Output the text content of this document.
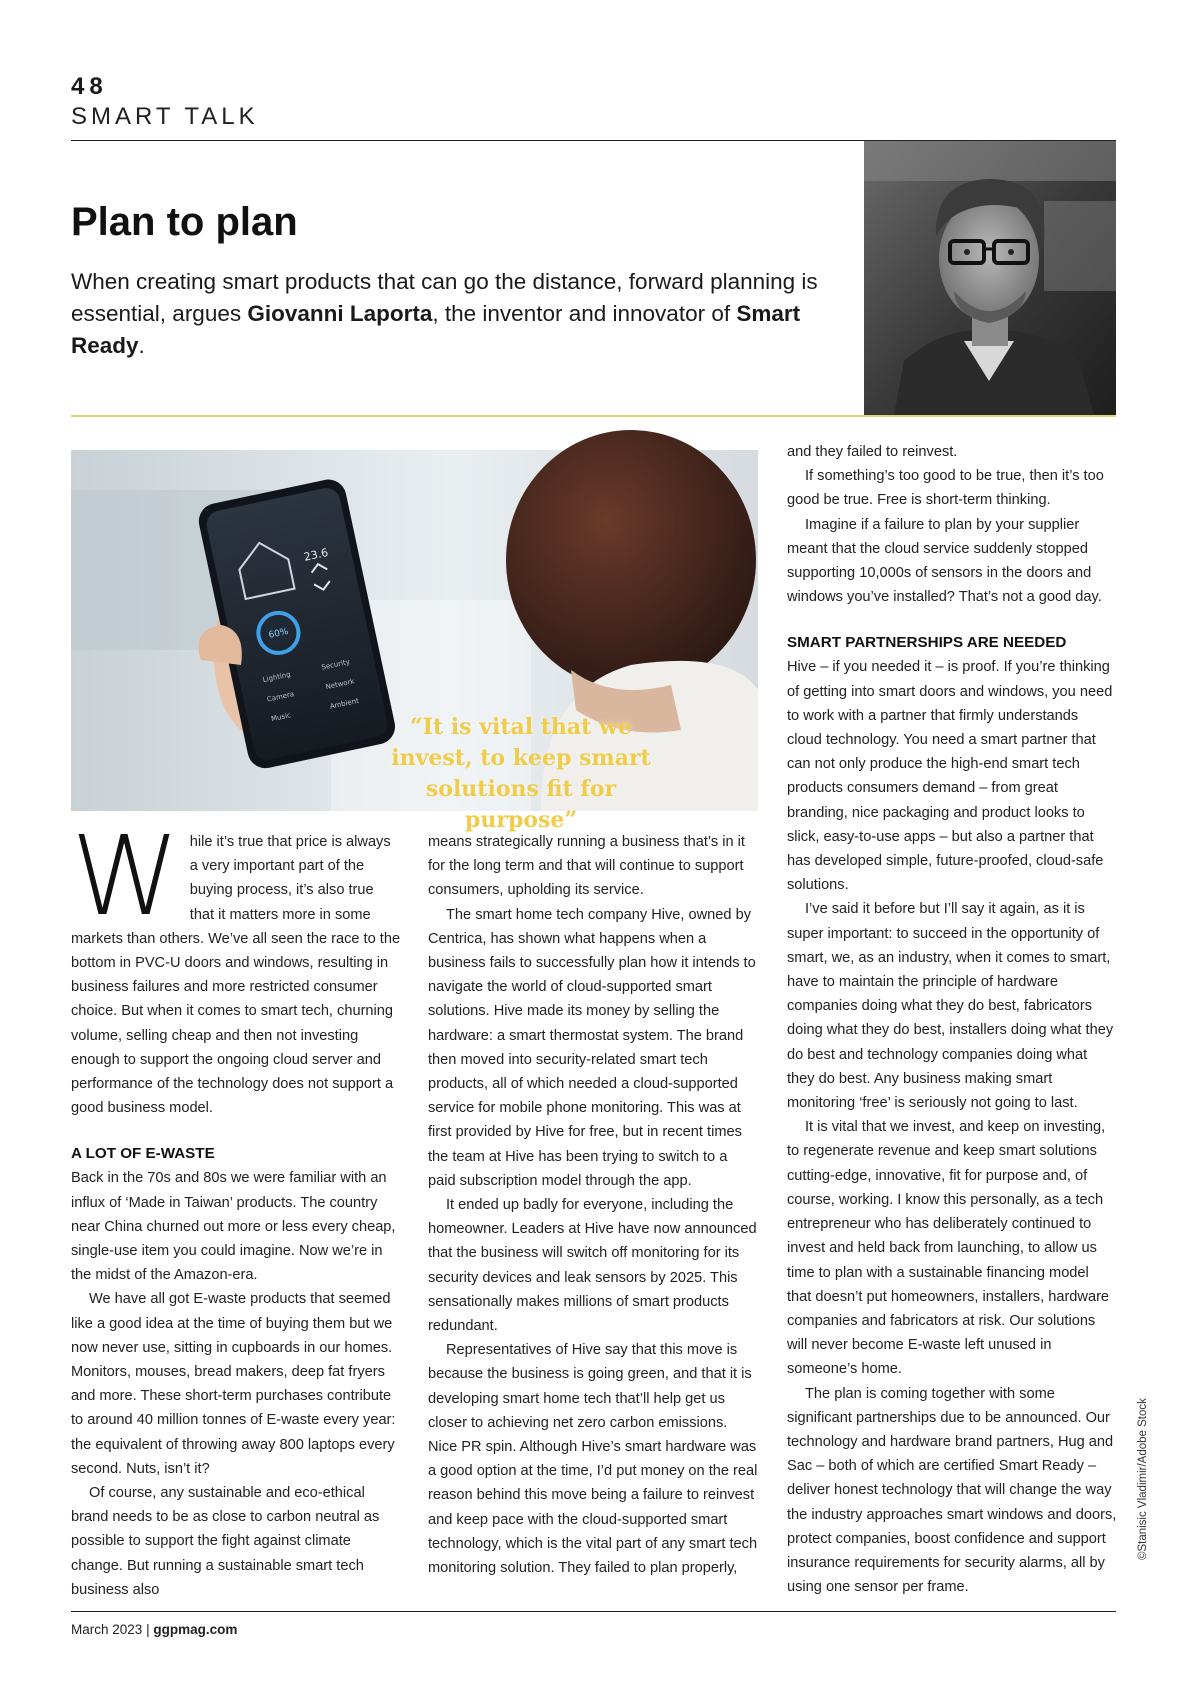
48
SMART TALK
Plan to plan

When creating smart products that can go the distance, forward planning is essential, argues Giovanni Laporta, the inventor and innovator of Smart Ready.

60%
23.6
Lighting
Security
Camera
Network
Music
Ambient
“It is vital that we invest, to keep smart solutions fit for purpose”

While it’s true that price is always a very important part of the buying process, it’s also true that it matters more in some markets than others. We’ve all seen the race to the bottom in PVC-U doors and windows, resulting in business failures and more restricted consumer choice. But when it comes to smart tech, churning volume, selling cheap and then not investing enough to support the ongoing cloud server and performance of the technology does not support a good business model.

A LOT OF E-WASTE

Back in the 70s and 80s we were familiar with an influx of ‘Made in Taiwan’ products. The country near China churned out more or less every cheap, single-use item you could imagine. Now we’re in the midst of the Amazon-era.

We have all got E-waste products that seemed like a good idea at the time of buying them but we now never use, sitting in cupboards in our homes. Monitors, mouses, bread makers, deep fat fryers and more. These short-term purchases contribute to around 40 million tonnes of E-waste every year: the equivalent of throwing away 800 laptops every second. Nuts, isn’t it?

Of course, any sustainable and eco-ethical brand needs to be as close to carbon neutral as possible to support the fight against climate change. But running a sustainable smart tech business also

means strategically running a business that’s in it for the long term and that will continue to support consumers, upholding its service.

The smart home tech company Hive, owned by Centrica, has shown what happens when a business fails to successfully plan how it intends to navigate the world of cloud-supported smart solutions. Hive made its money by selling the hardware: a smart thermostat system. The brand then moved into security-related smart tech products, all of which needed a cloud-supported service for mobile phone monitoring. This was at first provided by Hive for free, but in recent times the team at Hive has been trying to switch to a paid subscription model through the app.

It ended up badly for everyone, including the homeowner. Leaders at Hive have now announced that the business will switch off monitoring for its security devices and leak sensors by 2025. This sensationally makes millions of smart products redundant.

Representatives of Hive say that this move is because the business is going green, and that it is developing smart home tech that’ll help get us closer to achieving net zero carbon emissions. Nice PR spin. Although Hive’s smart hardware was a good option at the time, I’d put money on the real reason behind this move being a failure to reinvest and keep pace with the cloud-supported smart technology, which is the vital part of any smart tech monitoring solution. They failed to plan properly,

and they failed to reinvest.

If something’s too good to be true, then it’s too good be true. Free is short-term thinking.

Imagine if a failure to plan by your supplier meant that the cloud service suddenly stopped supporting 10,000s of sensors in the doors and windows you’ve installed? That’s not a good day.

SMART PARTNERSHIPS ARE NEEDED

Hive – if you needed it – is proof. If you’re thinking of getting into smart doors and windows, you need to work with a partner that firmly understands cloud technology. You need a smart partner that can not only produce the high-end smart tech products consumers demand – from great branding, nice packaging and product looks to slick, easy-to-use apps – but also a partner that has developed simple, future-proofed, cloud-safe solutions.

I’ve said it before but I’ll say it again, as it is super important: to succeed in the opportunity of smart, we, as an industry, when it comes to smart, have to maintain the principle of hardware companies doing what they do best, fabricators doing what they do best, installers doing what they do best and technology companies doing what they do best. Any business making smart monitoring ‘free’ is seriously not going to last.

It is vital that we invest, and keep on investing, to regenerate revenue and keep smart solutions cutting-edge, innovative, fit for purpose and, of course, working. I know this personally, as a tech entrepreneur who has deliberately continued to invest and held back from launching, to allow us time to plan with a sustainable financing model that doesn’t put homeowners, installers, hardware companies and fabricators at risk. Our solutions will never become E-waste left unused in someone’s home.

The plan is coming together with some significant partnerships due to be announced. Our technology and hardware brand partners, Hug and Sac – both of which are certified Smart Ready – deliver honest technology that will change the way the industry approaches smart windows and doors, protect companies, boost confidence and support insurance requirements for security alarms, all by using one sensor per frame.

©Stanisic Vladimir/Adobe Stock
March 2023 | ggpmag.com
